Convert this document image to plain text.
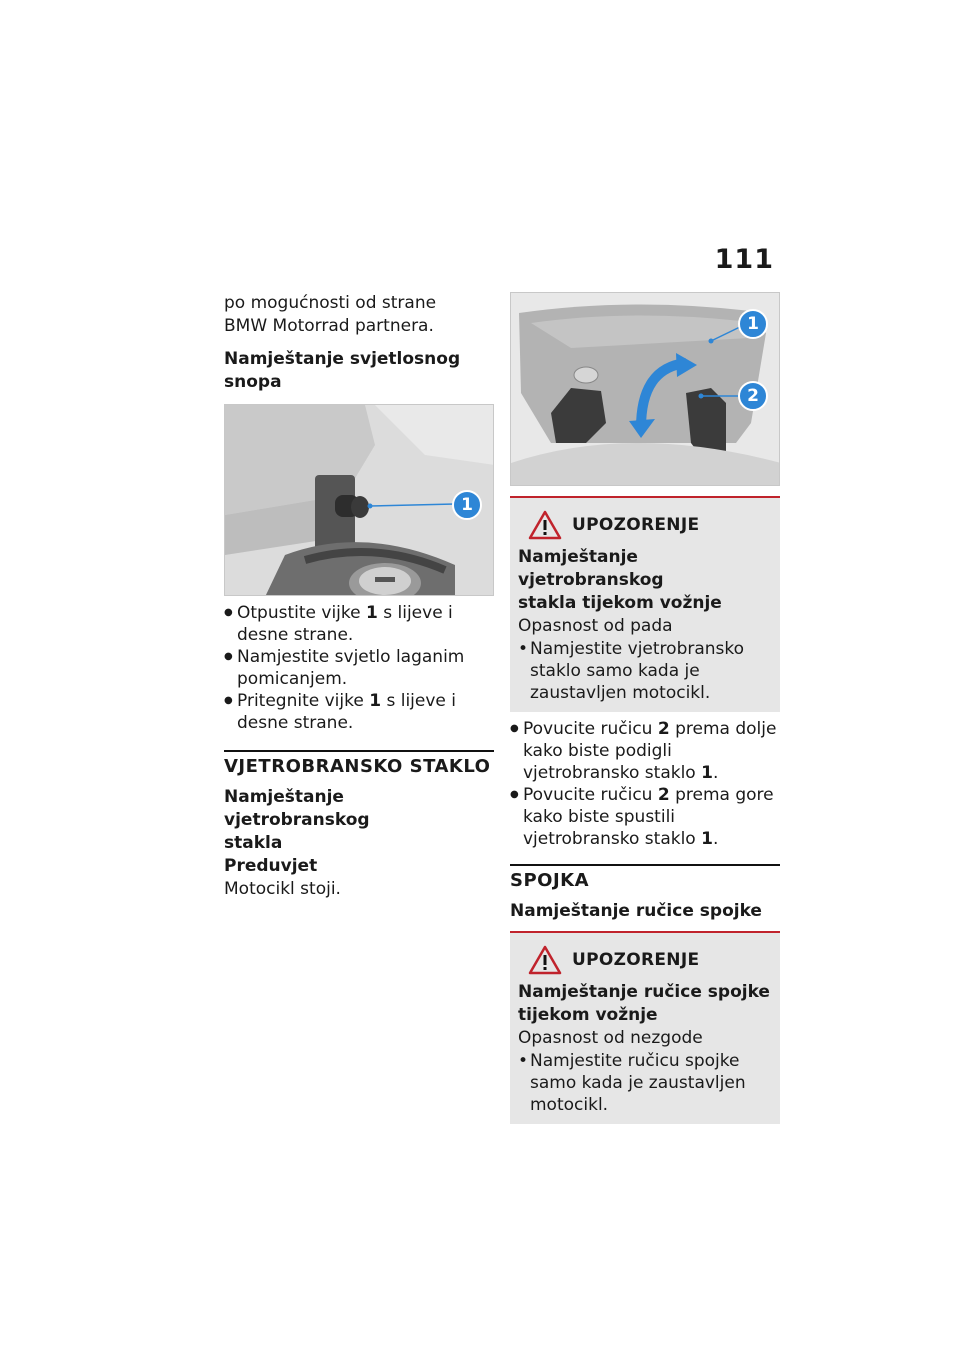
111
po mogućnosti od strane
BMW Motorrad partnera.
Namještanje svjetlosnog
snopa
1
● Otpustite vijke 1 s lijeve i desne strane.
● Namjestite svjetlo laganim pomicanjem.
● Pritegnite vijke 1 s lijeve i desne strane.
VJETROBRANSKO STAKLO
Namještanje vjetrobranskog
stakla
Preduvjet
Motocikl stoji.
1
2
UPOZORENJE
Namještanje vjetrobranskog
stakla tijekom vožnje
Opasnost od pada
• Namjestite vjetrobransko staklo samo kada je zaustavljen motocikl.
● Povucite ručicu 2 prema dolje kako biste podigli vjetrobransko staklo 1.
● Povucite ručicu 2 prema gore kako biste spustili vjetrobransko staklo 1.
SPOJKA
Namještanje ručice spojke
UPOZORENJE
Namještanje ručice spojke
tijekom vožnje
Opasnost od nezgode
• Namjestite ručicu spojke samo kada je zaustavljen motocikl.
